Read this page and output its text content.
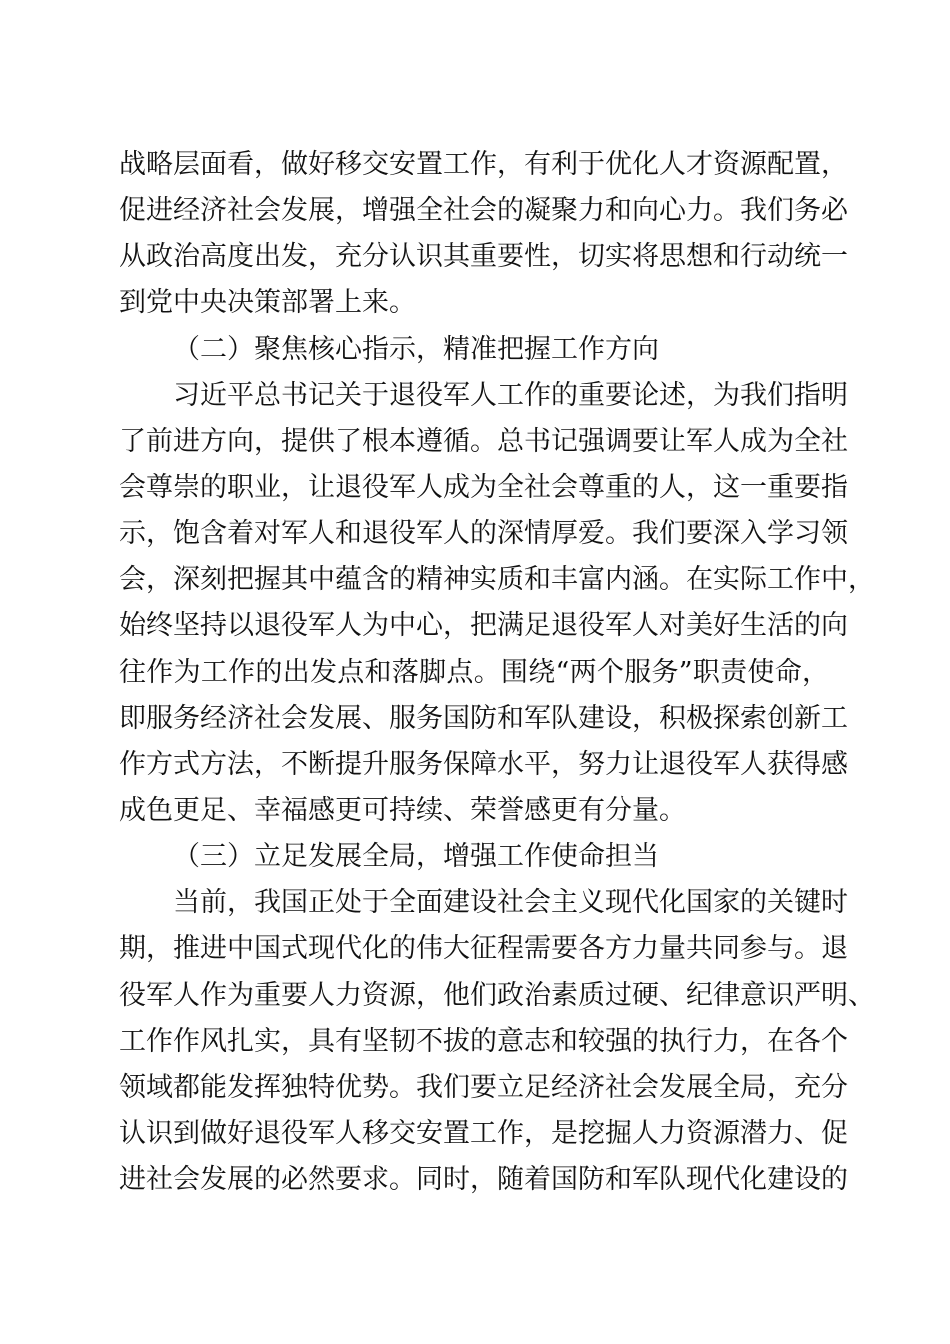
战略层面看，做好移交安置工作，有利于优化人才资源配置，
促进经济社会发展，增强全社会的凝聚力和向心力。我们务必
从政治高度出发，充分认识其重要性，切实将思想和行动统一
到党中央决策部署上来。
（二）聚焦核心指示，精准把握工作方向
习近平总书记关于退役军人工作的重要论述，为我们指明
了前进方向，提供了根本遵循。总书记强调要让军人成为全社
会尊崇的职业，让退役军人成为全社会尊重的人，这一重要指
示，饱含着对军人和退役军人的深情厚爱。我们要深入学习领
会，深刻把握其中蕴含的精神实质和丰富内涵。在实际工作中，
始终坚持以退役军人为中心，把满足退役军人对美好生活的向
往作为工作的出发点和落脚点。围绕“两个服务”职责使命，
即服务经济社会发展、服务国防和军队建设，积极探索创新工
作方式方法，不断提升服务保障水平，努力让退役军人获得感
成色更足、幸福感更可持续、荣誉感更有分量。
（三）立足发展全局，增强工作使命担当
当前，我国正处于全面建设社会主义现代化国家的关键时
期，推进中国式现代化的伟大征程需要各方力量共同参与。退
役军人作为重要人力资源，他们政治素质过硬、纪律意识严明、
工作作风扎实，具有坚韧不拔的意志和较强的执行力，在各个
领域都能发挥独特优势。我们要立足经济社会发展全局，充分
认识到做好退役军人移交安置工作，是挖掘人力资源潜力、促
进社会发展的必然要求。同时，随着国防和军队现代化建设的
